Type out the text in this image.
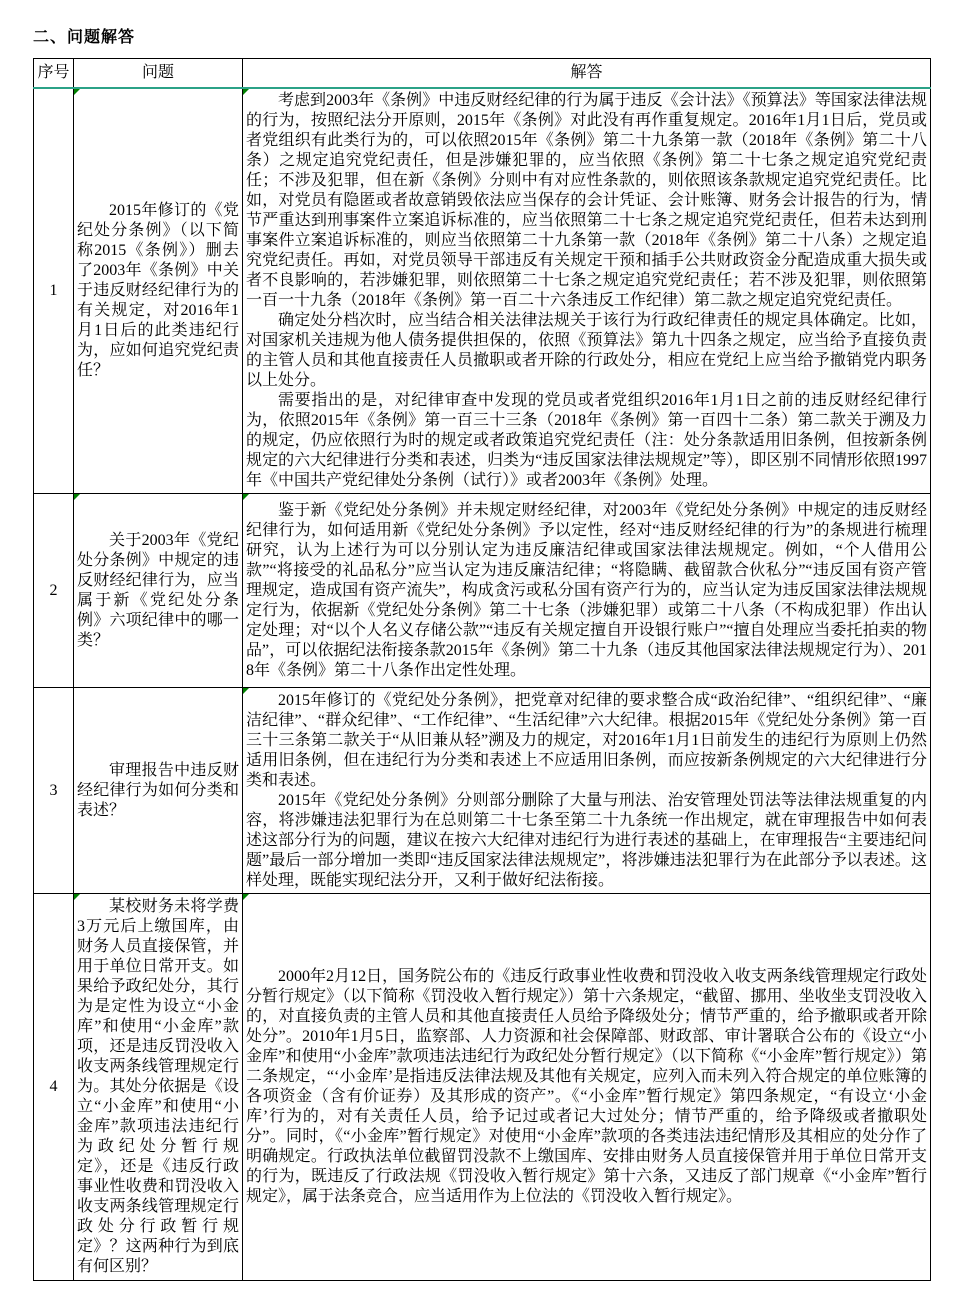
二、问题解答
序号	问题	解答
1	2015年修订的《党纪处分条例》（以下简称2015《条例》）删去了2003年《条例》中关于违反财经纪律行为的有关规定，对2016年1月1日后的此类违纪行为，应如何追究党纪责任？	考虑到2003年《条例》中违反财经纪律的行为属于违反《会计法》《预算法》等国家法律法规的行为，按照纪法分开原则，2015年《条例》对此没有再作重复规定。2016年1月1日后，党员或者党组织有此类行为的，可以依照2015年《条例》第二十九条第一款（2018年《条例》第二十八条）之规定追究党纪责任，但是涉嫌犯罪的，应当依照《条例》第二十七条之规定追究党纪责任；不涉及犯罪，但在新《条例》分则中有对应性条款的，则依照该条款规定追究党纪责任。比如，对党员有隐匿或者故意销毁依法应当保存的会计凭证、会计账簿、财务会计报告的行为，情节严重达到刑事案件立案追诉标准的，应当依照第二十七条之规定追究党纪责任，但若未达到刑事案件立案追诉标准的，则应当依照第二十九条第一款（2018年《条例》第二十八条）之规定追究党纪责任。再如，对党员领导干部违反有关规定干预和插手公共财政资金分配造成重大损失或者不良影响的，若涉嫌犯罪，则依照第二十七条之规定追究党纪责任；若不涉及犯罪，则依照第一百一十九条（2018年《条例》第一百二十六条违反工作纪律）第二款之规定追究党纪责任。

确定处分档次时，应当结合相关法律法规关于该行为行政纪律责任的规定具体确定。比如，对国家机关违规为他人债务提供担保的，依照《预算法》第九十四条之规定，应当给予直接负责的主管人员和其他直接责任人员撤职或者开除的行政处分，相应在党纪上应当给予撤销党内职务以上处分。

需要指出的是，对纪律审查中发现的党员或者党组织2016年1月1日之前的违反财经纪律行为，依照2015年《条例》第一百三十三条（2018年《条例》第一百四十二条）第二款关于溯及力的规定，仍应依照行为时的规定或者政策追究党纪责任（注：处分条款适用旧条例，但按新条例规定的六大纪律进行分类和表述，归类为“违反国家法律法规规定”等），即区别不同情形依照1997年《中国共产党纪律处分条例（试行）》或者2003年《条例》处理。

2	关于2003年《党纪处分条例》中规定的违反财经纪律行为，应当属于新《党纪处分条例》六项纪律中的哪一类？	鉴于新《党纪处分条例》并未规定财经纪律，对2003年《党纪处分条例》中规定的违反财经纪律行为，如何适用新《党纪处分条例》予以定性，经对“违反财经纪律的行为”的条规进行梳理研究，认为上述行为可以分别认定为违反廉洁纪律或国家法律法规规定。例如，“个人借用公款”“将接受的礼品私分”应当认定为违反廉洁纪律；“将隐瞒、截留款合伙私分”“违反国有资产管理规定，造成国有资产流失”，构成贪污或私分国有资产行为的，应当认定为违反国家法律法规规定行为，依据新《党纪处分条例》第二十七条（涉嫌犯罪）或第二十八条（不构成犯罪）作出认定处理；对“以个人名义存储公款”“违反有关规定擅自开设银行账户”“擅自处理应当委托拍卖的物品”，可以依据纪法衔接条款2015年《条例》第二十九条（违反其他国家法律法规规定行为）、2018年《条例》第二十八条作出定性处理。

3	审理报告中违反财经纪律行为如何分类和表述？	2015年修订的《党纪处分条例》，把党章对纪律的要求整合成“政治纪律”、“组织纪律”、“廉洁纪律”、“群众纪律”、“工作纪律”、“生活纪律”六大纪律。根据2015年《党纪处分条例》第一百三十三条第二款关于“从旧兼从轻”溯及力的规定，对2016年1月1日前发生的违纪行为原则上仍然适用旧条例，但在违纪行为分类和表述上不应适用旧条例，而应按新条例规定的六大纪律进行分类和表述。

2015年《党纪处分条例》分则部分删除了大量与刑法、治安管理处罚法等法律法规重复的内容，将涉嫌违法犯罪行为在总则第二十七条至第二十九条统一作出规定，就在审理报告中如何表述这部分行为的问题，建议在按六大纪律对违纪行为进行表述的基础上，在审理报告“主要违纪问题”最后一部分增加一类即“违反国家法律法规规定”，将涉嫌违法犯罪行为在此部分予以表述。这样处理，既能实现纪法分开，又利于做好纪法衔接。

4	某校财务未将学费3万元后上缴国库，由财务人员直接保管，并用于单位日常开支。如果给予政纪处分，其行为是定性为设立“小金库”和使用“小金库”款项，还是违反罚没收入收支两条线管理规定行为。其处分依据是《设立“小金库”和使用“小金库”款项违法违纪行为政纪处分暂行规定》，还是《违反行政事业性收费和罚没收入收支两条线管理规定行政处分行政暂行规定》？这两种行为到底有何区别？	2000年2月12日，国务院公布的《违反行政事业性收费和罚没收入收支两条线管理规定行政处分暂行规定》（以下简称《罚没收入暂行规定》）第十六条规定，“截留、挪用、坐收坐支罚没收入的，对直接负责的主管人员和其他直接责任人员给予降级处分；情节严重的，给予撤职或者开除处分”。2010年1月5日，监察部、人力资源和社会保障部、财政部、审计署联合公布的《设立“小金库”和使用“小金库”款项违法违纪行为政纪处分暂行规定》（以下简称《“小金库”暂行规定》）第二条规定，“‘小金库’是指违反法律法规及其他有关规定，应列入而未列入符合规定的单位账簿的各项资金（含有价证券）及其形成的资产”。《“小金库”暂行规定》第四条规定，“有设立‘小金库’行为的，对有关责任人员，给予记过或者记大过处分；情节严重的，给予降级或者撤职处分”。同时，《“小金库”暂行规定》对使用“小金库”款项的各类违法违纪情形及其相应的处分作了明确规定。行政执法单位截留罚没款不上缴国库、安排由财务人员直接保管并用于单位日常开支的行为，既违反了行政法规《罚没收入暂行规定》第十六条，又违反了部门规章《“小金库”暂行规定》，属于法条竞合，应当适用作为上位法的《罚没收入暂行规定》。
